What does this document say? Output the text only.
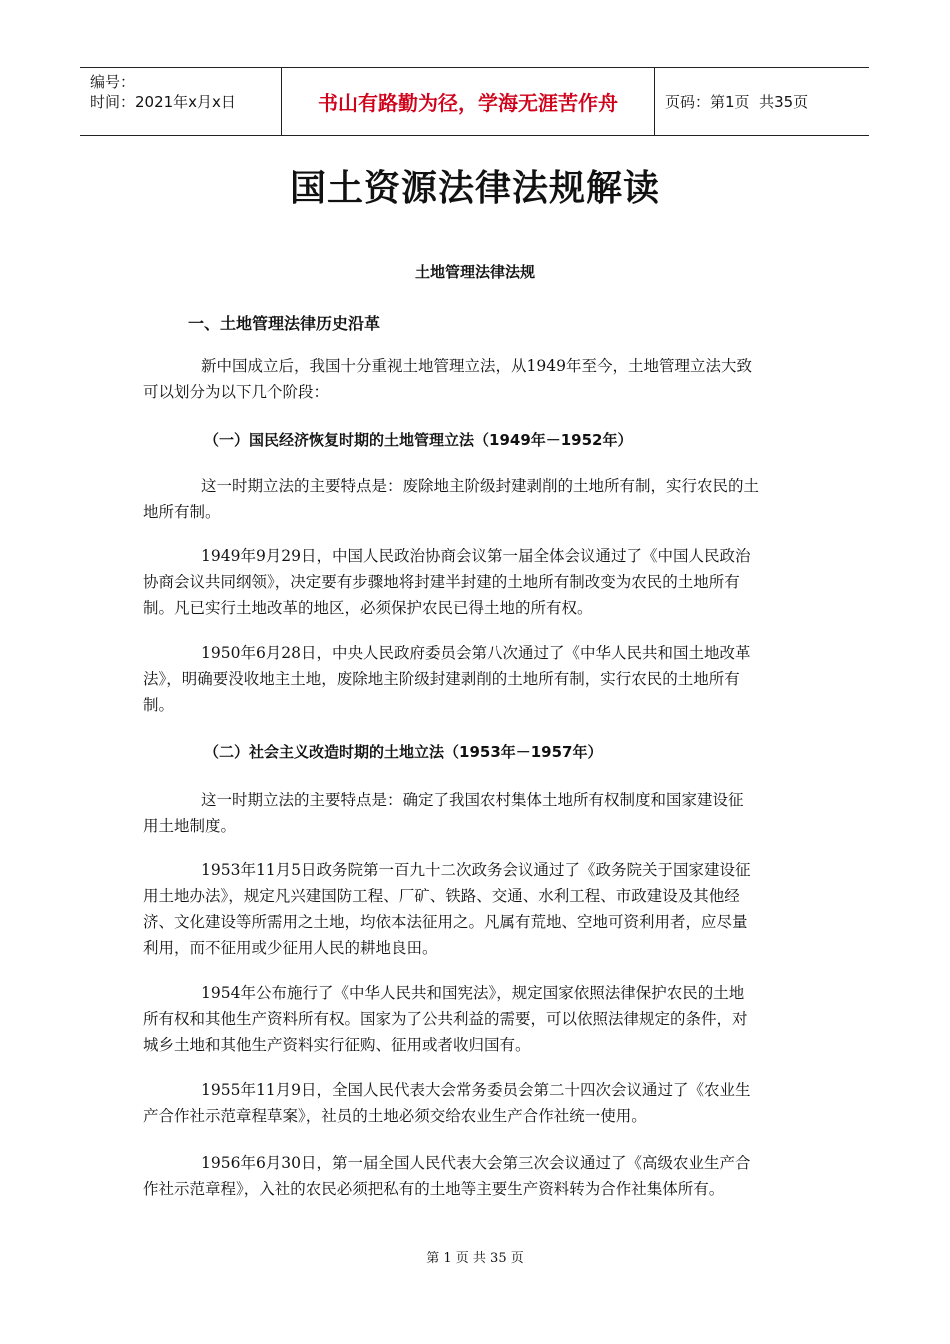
编号：
时间：2021年x月x日	书山有路勤为径，学海无涯苦作舟	页码：第1页  共35页
国土资源法律法规解读
土地管理法律法规
一、土地管理法律历史沿革
新中国成立后，我国十分重视土地管理立法，从1949年至今，土地管理立法大致
可以划分为以下几个阶段：
（一）国民经济恢复时期的土地管理立法（1949年－1952年）
这一时期立法的主要特点是：废除地主阶级封建剥削的土地所有制，实行农民的土
地所有制。
1949年9月29日，中国人民政治协商会议第一届全体会议通过了《中国人民政治
协商会议共同纲领》，决定要有步骤地将封建半封建的土地所有制改变为农民的土地所有
制。凡已实行土地改革的地区，必须保护农民已得土地的所有权。
1950年6月28日，中央人民政府委员会第八次通过了《中华人民共和国土地改革
法》，明确要没收地主土地，废除地主阶级封建剥削的土地所有制，实行农民的土地所有
制。
（二）社会主义改造时期的土地立法（1953年－1957年）
这一时期立法的主要特点是：确定了我国农村集体土地所有权制度和国家建设征
用土地制度。
1953年11月5日政务院第一百九十二次政务会议通过了《政务院关于国家建设征
用土地办法》，规定凡兴建国防工程、厂矿、铁路、交通、水利工程、市政建设及其他经
济、文化建设等所需用之土地，均依本法征用之。凡属有荒地、空地可资利用者，应尽量
利用，而不征用或少征用人民的耕地良田。
1954年公布施行了《中华人民共和国宪法》，规定国家依照法律保护农民的土地
所有权和其他生产资料所有权。国家为了公共利益的需要，可以依照法律规定的条件，对
城乡土地和其他生产资料实行征购、征用或者收归国有。
1955年11月9日，全国人民代表大会常务委员会第二十四次会议通过了《农业生
产合作社示范章程草案》，社员的土地必须交给农业生产合作社统一使用。
1956年6月30日，第一届全国人民代表大会第三次会议通过了《高级农业生产合
作社示范章程》，入社的农民必须把私有的土地等主要生产资料转为合作社集体所有。
第 1 页 共 35 页
